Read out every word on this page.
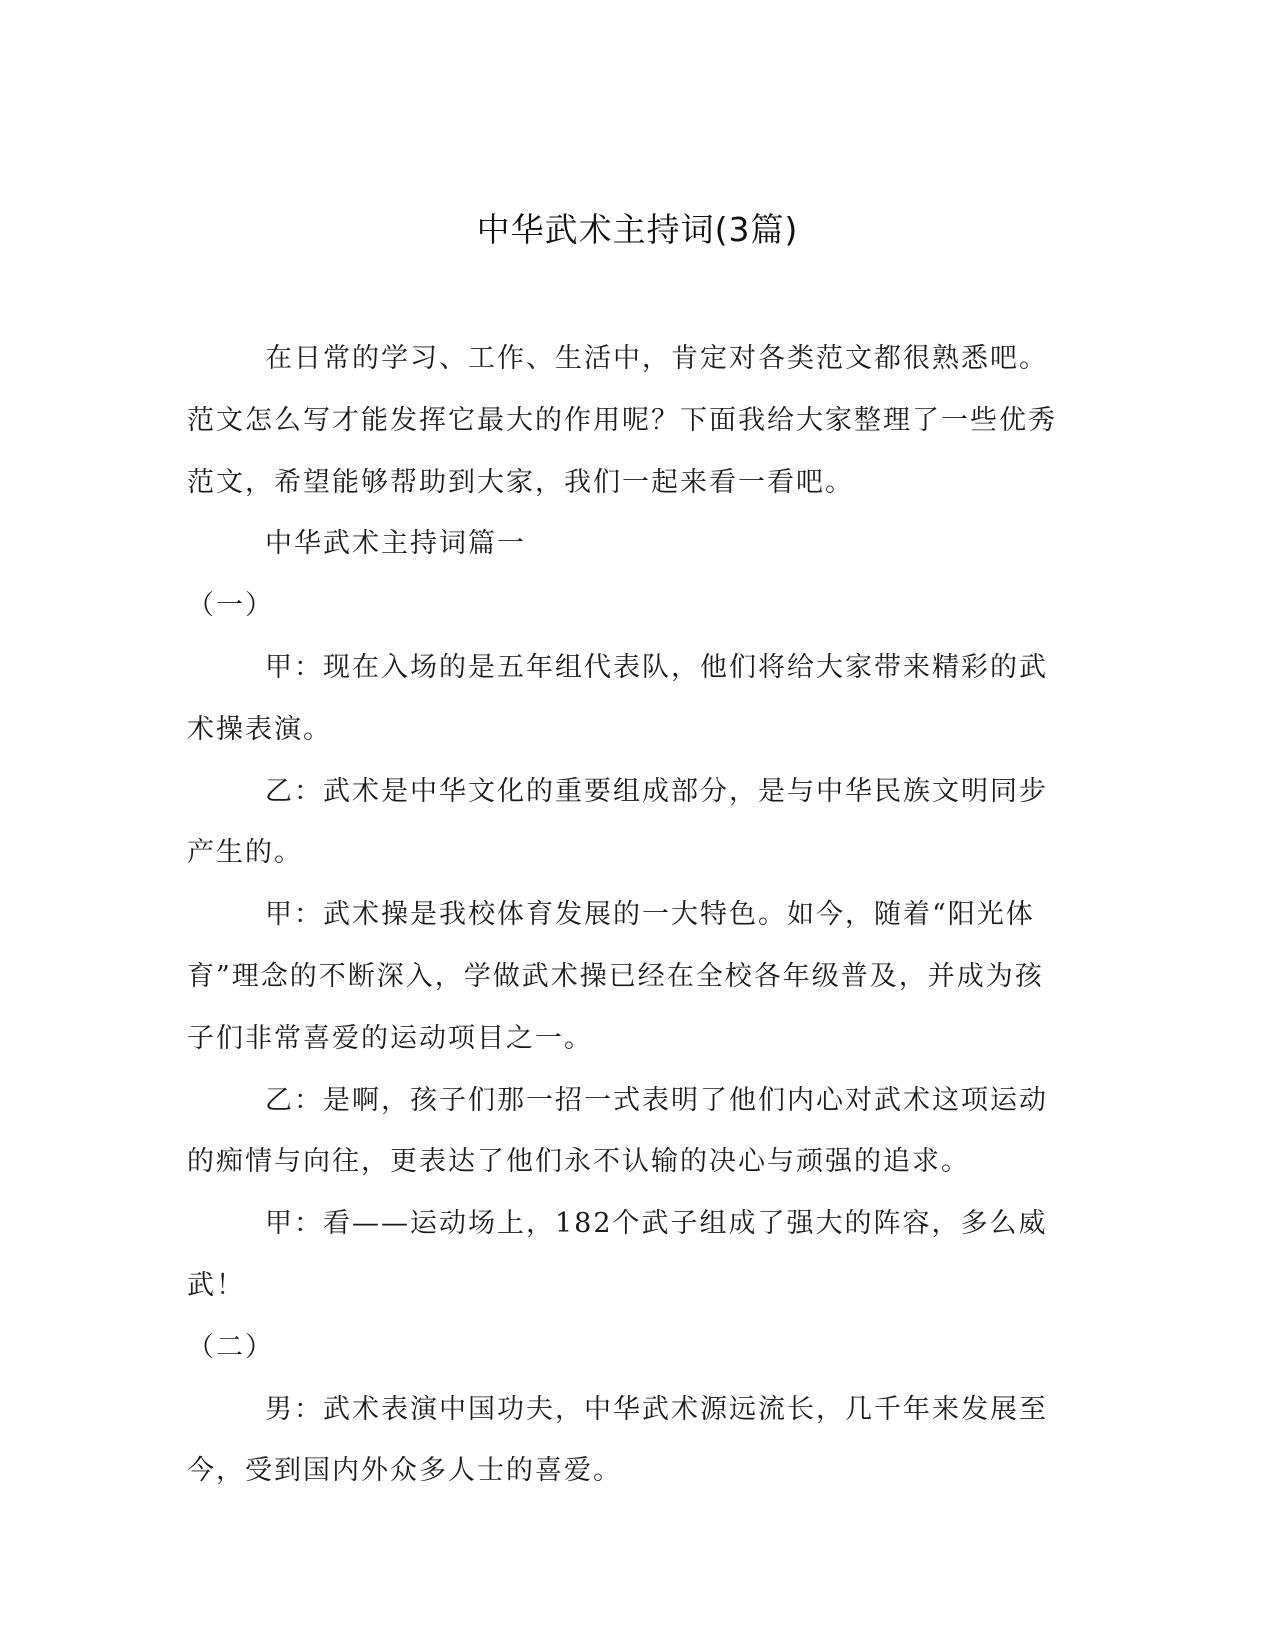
中华武术主持词(3篇)

在日常的学习、工作、生活中，肯定对各类范文都很熟悉吧。范文怎么写才能发挥它最大的作用呢？下面我给大家整理了一些优秀范文，希望能够帮助到大家，我们一起来看一看吧。

中华武术主持词篇一

（一）

甲：现在入场的是五年组代表队，他们将给大家带来精彩的武术操表演。

乙：武术是中华文化的重要组成部分，是与中华民族文明同步产生的。

甲：武术操是我校体育发展的一大特色。如今，随着“阳光体育”理念的不断深入，学做武术操已经在全校各年级普及，并成为孩子们非常喜爱的运动项目之一。

乙：是啊，孩子们那一招一式表明了他们内心对武术这项运动的痴情与向往，更表达了他们永不认输的决心与顽强的追求。

甲：看——运动场上，182个武子组成了强大的阵容，多么威武！

（二）

男：武术表演中国功夫，中华武术源远流长，几千年来发展至今，受到国内外众多人士的喜爱。
